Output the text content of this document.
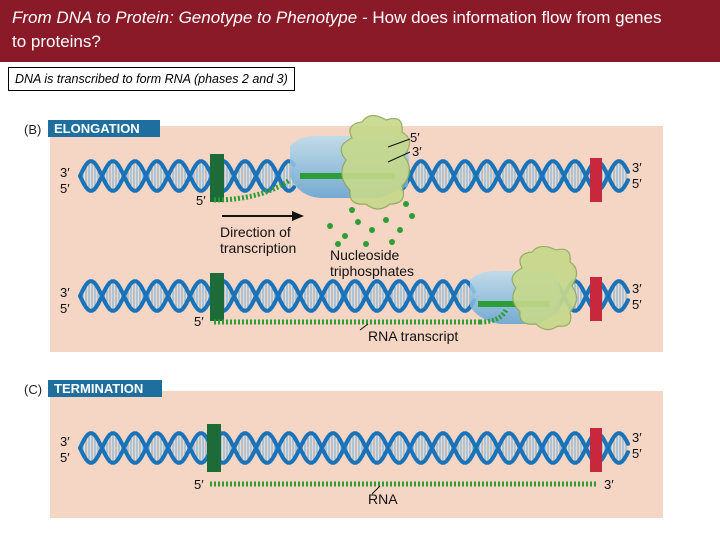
From DNA to Protein: Genotype to Phenotype - How does information flow from genes
to proteins?
DNA is transcribed to form RNA (phases 2 and 3)
(B) ELONGATION
(C) TERMINATION
3′
5′
3′
5′
5′
3′
5′
3′
5′
3′
5′
5′
Direction of
transcription Nucleoside
triphosphates
RNA transcript
3′
5′
3′
5′
5′	3′
RNA
